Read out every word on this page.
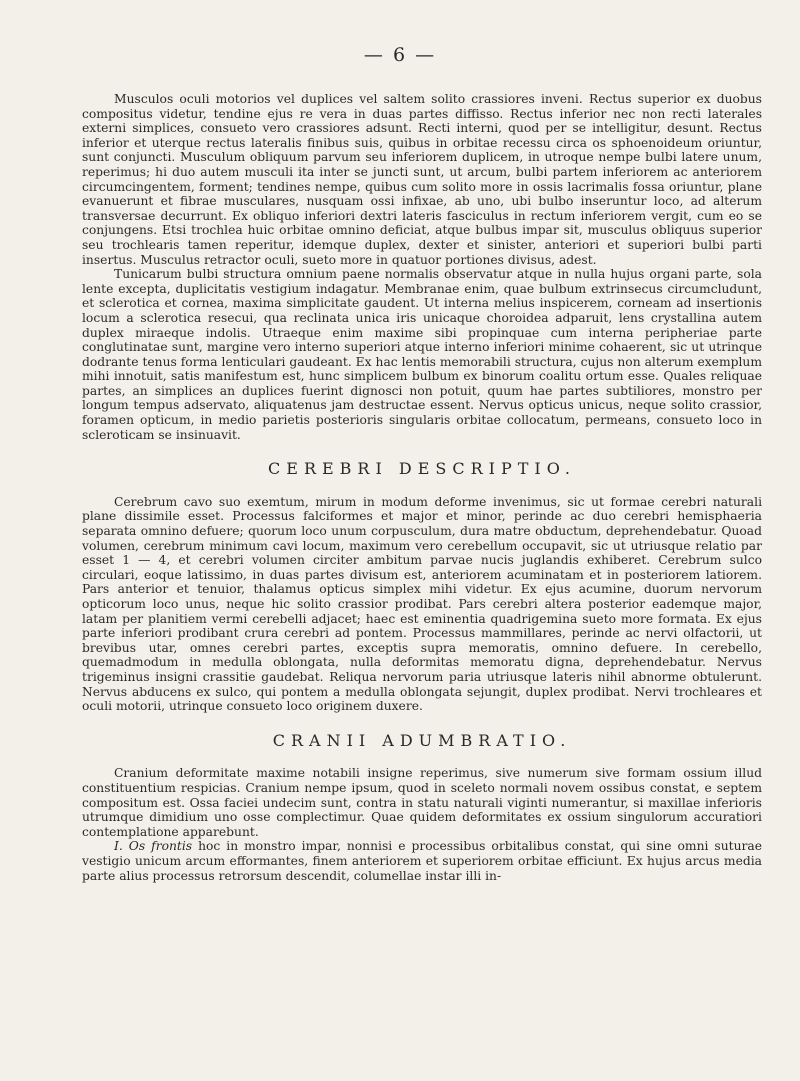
— 6 —

Musculos oculi motorios vel duplices vel saltem solito crassiores inveni. Rectus superior ex duobus compositus videtur, tendine ejus re vera in duas partes diffisso. Rectus inferior nec non recti laterales externi simplices, consueto vero crassiores adsunt. Recti interni, quod per se intelligitur, desunt. Rectus inferior et uterque rectus lateralis finibus suis, quibus in orbitae recessu circa os sphoenoideum oriuntur, sunt conjuncti. Musculum obliquum parvum seu inferiorem duplicem, in utroque nempe bulbi latere unum, reperimus; hi duo autem musculi ita inter se juncti sunt, ut arcum, bulbi partem inferiorem ac anteriorem circumcingentem, forment; tendines nempe, quibus cum solito more in ossis lacrimalis fossa oriuntur, plane evanuerunt et fibrae musculares, nusquam ossi infixae, ab uno, ubi bulbo inseruntur loco, ad alterum transversae decurrunt. Ex obliquo inferiori dextri lateris fasciculus in rectum inferiorem vergit, cum eo se conjungens. Etsi trochlea huic orbitae omnino deficiat, atque bulbus impar sit, musculus obliquus superior seu trochlearis tamen reperitur, idemque duplex, dexter et sinister, anteriori et superiori bulbi parti insertus. Musculus retractor oculi, sueto more in quatuor portiones divisus, adest.

Tunicarum bulbi structura omnium paene normalis observatur atque in nulla hujus organi parte, sola lente excepta, duplicitatis vestigium indagatur. Membranae enim, quae bulbum extrinsecus circumcludunt, et sclerotica et cornea, maxima simplicitate gaudent. Ut interna melius inspicerem, corneam ad insertionis locum a sclerotica resecui, qua reclinata unica iris unicaque choroidea adparuit, lens crystallina autem duplex miraeque indolis. Utraeque enim maxime sibi propinquae cum interna peripheriae parte conglutinatae sunt, margine vero interno superiori atque interno inferiori minime cohaerent, sic ut utrinque dodrante tenus forma lenticulari gaudeant. Ex hac lentis memorabili structura, cujus non alterum exemplum mihi innotuit, satis manifestum est, hunc simplicem bulbum ex binorum coalitu ortum esse. Quales reliquae partes, an simplices an duplices fuerint dignosci non potuit, quum hae partes subtiliores, monstro per longum tempus adservato, aliquatenus jam destructae essent. Nervus opticus unicus, neque solito crassior, foramen opticum, in medio parietis posterioris singularis orbitae collocatum, permeans, consueto loco in scleroticam se insinuavit.

CEREBRI DESCRIPTIO.

Cerebrum cavo suo exemtum, mirum in modum deforme invenimus, sic ut formae cerebri naturali plane dissimile esset. Processus falciformes et major et minor, perinde ac duo cerebri hemisphaeria separata omnino defuere; quorum loco unum corpusculum, dura matre obductum, deprehendebatur. Quoad volumen, cerebrum minimum cavi locum, maximum vero cerebellum occupavit, sic ut utriusque relatio par esset 1 — 4, et cerebri volumen circiter ambitum parvae nucis juglandis exhiberet. Cerebrum sulco circulari, eoque latissimo, in duas partes divisum est, anteriorem acuminatam et in posteriorem latiorem. Pars anterior et tenuior, thalamus opticus simplex mihi videtur. Ex ejus acumine, duorum nervorum opticorum loco unus, neque hic solito crassior prodibat. Pars cerebri altera posterior eademque major, latam per planitiem vermi cerebelli adjacet; haec est eminentia quadrigemina sueto more formata. Ex ejus parte inferiori prodibant crura cerebri ad pontem. Processus mammillares, perinde ac nervi olfactorii, ut brevibus utar, omnes cerebri partes, exceptis supra memoratis, omnino defuere. In cerebello, quemadmodum in medulla oblongata, nulla deformitas memoratu digna, deprehendebatur. Nervus trigeminus insigni crassitie gaudebat. Reliqua nervorum paria utriusque lateris nihil abnorme obtulerunt. Nervus abducens ex sulco, qui pontem a medulla oblongata sejungit, duplex prodibat. Nervi trochleares et oculi motorii, utrinque consueto loco originem duxere.

CRANII ADUMBRATIO.

Cranium deformitate maxime notabili insigne reperimus, sive numerum sive formam ossium illud constituentium respicias. Cranium nempe ipsum, quod in sceleto normali novem ossibus constat, e septem compositum est. Ossa faciei undecim sunt, contra in statu naturali viginti numerantur, si maxillae inferioris utrumque dimidium uno osse complectimur. Quae quidem deformitates ex ossium singulorum accuratiori contemplatione apparebunt.

I. Os frontis hoc in monstro impar, nonnisi e processibus orbitalibus constat, qui sine omni suturae vestigio unicum arcum efformantes, finem anteriorem et superiorem orbitae efficiunt. Ex hujus arcus media parte alius processus retrorsum descendit, columellae instar illi in-
